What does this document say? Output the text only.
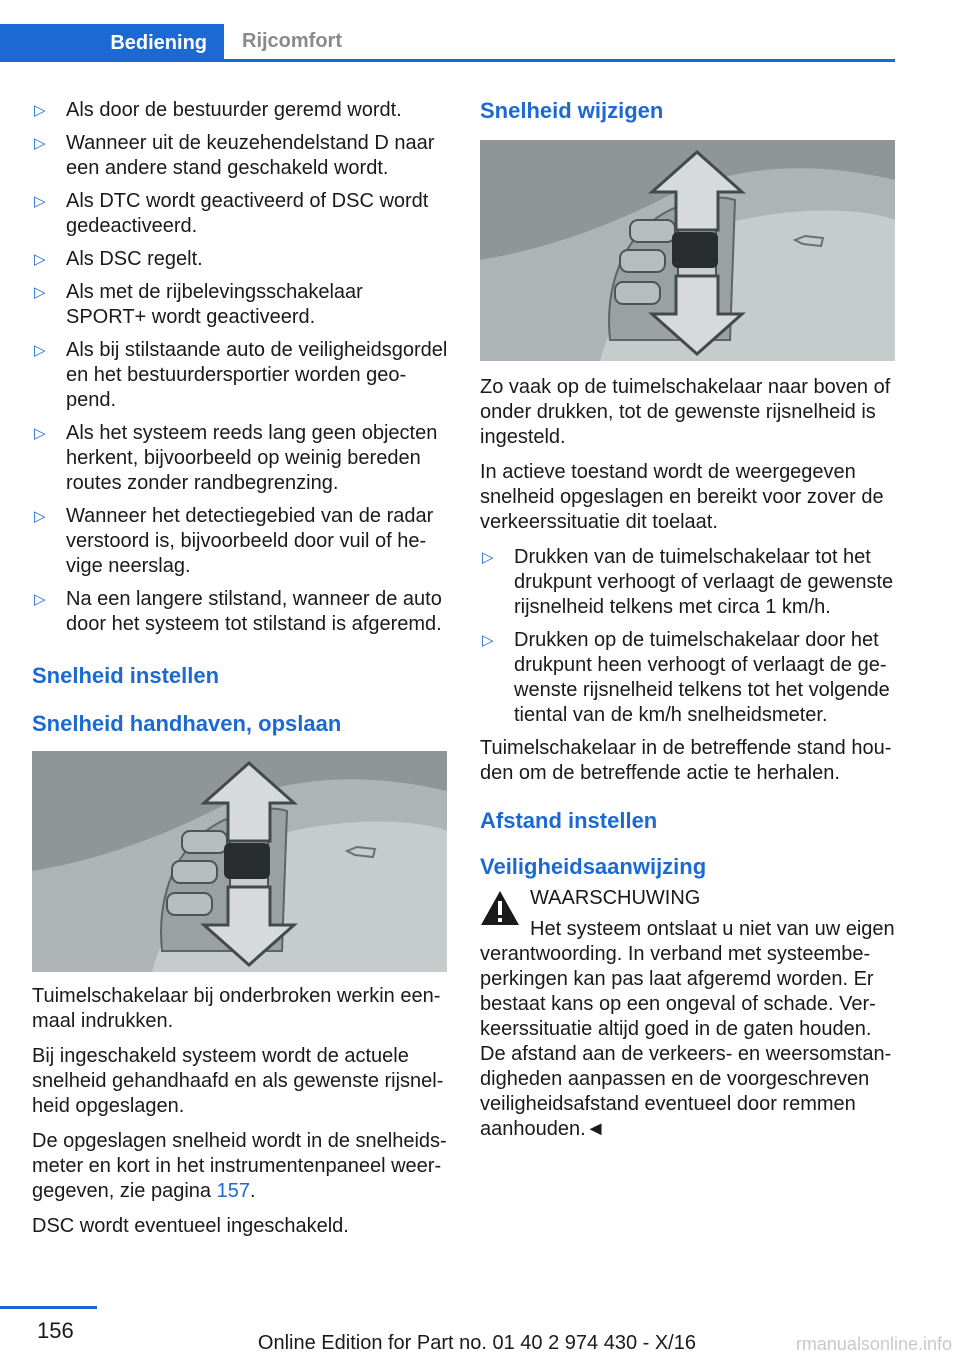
Bediening	Rijcomfort
▷ Als door de bestuurder geremd wordt.
▷ Wanneer uit de keuzehendelstand D naar een andere stand geschakeld wordt.
▷ Als DTC wordt geactiveerd of DSC wordt gedeactiveerd.
▷ Als DSC regelt.
▷ Als met de rijbelevingsschakelaar SPORT+ wordt geactiveerd.
▷ Als bij stilstaande auto de veiligheidsgordel en het bestuurdersportier worden geo‐ pend.
▷ Als het systeem reeds lang geen objecten herkent, bijvoorbeeld op weinig bereden routes zonder randbegrenzing.
▷ Wanneer het detectiegebied van de radar verstoord is, bijvoorbeeld door vuil of he‐ vige neerslag.
▷ Na een langere stilstand, wanneer de auto door het systeem tot stilstand is afgeremd.
Snelheid instellen
Snelheid handhaven, opslaan

Tuimelschakelaar bij onderbroken werkin een‐ maal indrukken.

Bij ingeschakeld systeem wordt de actuele snelheid gehandhaafd en als gewenste rijsnel‐ heid opgeslagen.

De opgeslagen snelheid wordt in de snelheids‐ meter en kort in het instrumentenpaneel weer‐ gegeven, zie pagina 157.

DSC wordt eventueel ingeschakeld.

Snelheid wijzigen

Zo vaak op de tuimelschakelaar naar boven of onder drukken, tot de gewenste rijsnelheid is ingesteld.

In actieve toestand wordt de weergegeven snelheid opgeslagen en bereikt voor zover de verkeerssituatie dit toelaat.

▷ Drukken van de tuimelschakelaar tot het drukpunt verhoogt of verlaagt de gewenste rijsnelheid telkens met circa 1 km/h.
▷ Drukken op de tuimelschakelaar door het drukpunt heen verhoogt of verlaagt de ge‐ wenste rijsnelheid telkens tot het volgende tiental van de km/h snelheidsmeter.

Tuimelschakelaar in de betreffende stand hou‐ den om de betreffende actie te herhalen.

Afstand instellen
Veiligheidsaanwijzing
WAARSCHUWING
Het systeem ontslaat u niet van uw eigen verantwoording. In verband met systeembe‐ perkingen kan pas laat afgeremd worden. Er bestaat kans op een ongeval of schade. Ver‐ keerssituatie altijd goed in de gaten houden. De afstand aan de verkeers- en weersomstan‐ digheden aanpassen en de voorgeschreven veiligheidsafstand eventueel door remmen aanhouden.◄
156	Online Edition for Part no. 01 40 2 974 430 - X/16	rmanualsonline.info
